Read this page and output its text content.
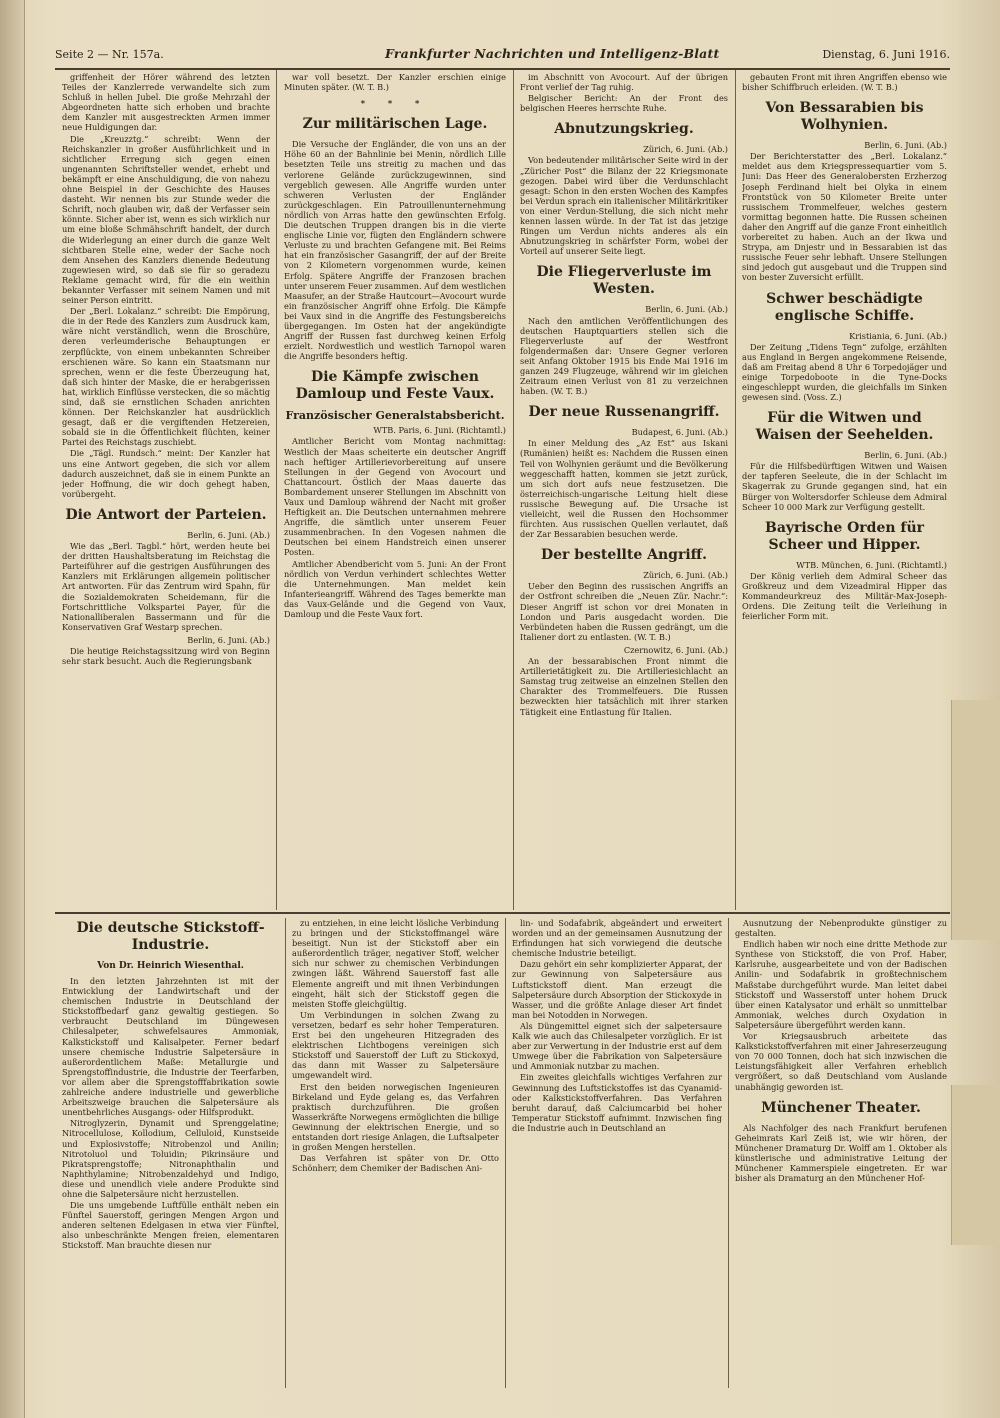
Seite 2 — Nr. 157a.	Frankfurter Nachrichten und Intelligenz-Blatt	Dienstag, 6. Juni 1916.

griffenheit der Hörer während des letzten Teiles der Kanzlerrede verwandelte sich zum Schluß in hellen Jubel. Die große Mehrzahl der Abgeordneten hatte sich erhoben und brachte dem Kanzler mit ausgestreckten Armen immer neue Huldigungen dar.

Die „Kreuzztg.“ schreibt: Wenn der Reichskanzler in großer Ausführlichkeit und in sichtlicher Erregung sich gegen einen ungenannten Schriftsteller wendet, erhebt und bekämpft er eine Anschuldigung, die von nahezu ohne Beispiel in der Geschichte des Hauses dasteht. Wir nennen bis zur Stunde weder die Schrift, noch glauben wir, daß der Verfasser sein könnte. Sicher aber ist, wenn es sich wirklich nur um eine bloße Schmähschrift handelt, der durch die Widerlegung an einer durch die ganze Welt sichtbaren Stelle eine, weder der Sache noch dem Ansehen des Kanzlers dienende Bedeutung zugewiesen wird, so daß sie für so geradezu Reklame gemacht wird, für die ein weithin bekannter Verfasser mit seinem Namen und mit seiner Person eintritt.

Der „Berl. Lokalanz.“ schreibt: Die Empörung, die in der Rede des Kanzlers zum Ausdruck kam, wäre nicht verständlich, wenn die Broschüre, deren verleumderische Behauptungen er zerpflückte, von einem unbekannten Schreiber erschienen wäre. So kann ein Staatsmann nur sprechen, wenn er die feste Überzeugung hat, daß sich hinter der Maske, die er herabgerissen hat, wirklich Einflüsse verstecken, die so mächtig sind, daß sie ernstlichen Schaden anrichten können. Der Reichskanzler hat ausdrücklich gesagt, daß er die vergiftenden Hetzereien, sobald sie in die Öffentlichkeit flüchten, keiner Partei des Reichstags zuschiebt.

Die „Tägl. Rundsch.“ meint: Der Kanzler hat uns eine Antwort gegeben, die sich vor allem dadurch auszeichnet, daß sie in einem Punkte an jeder Hoffnung, die wir doch gehegt haben, vorübergeht.

Die Antwort der Parteien.

Berlin, 6. Juni. (Ab.)

Wie das „Berl. Tagbl.“ hört, werden heute bei der dritten Haushaltsberatung im Reichstag die Parteiführer auf die gestrigen Ausführungen des Kanzlers mit Erklärungen allgemein politischer Art antworten. Für das Zentrum wird Spahn, für die Sozialdemokraten Scheidemann, für die Fortschrittliche Volkspartei Payer, für die Nationalliberalen Bassermann und für die Konservativen Graf Westarp sprechen.

Berlin, 6. Juni. (Ab.)

Die heutige Reichstagssitzung wird von Beginn sehr stark besucht. Auch die Regierungsbank

war voll besetzt. Der Kanzler erschien einige Minuten später. (W. T. B.)

* * *
Zur militärischen Lage.

Die Versuche der Engländer, die von uns an der Höhe 60 an der Bahnlinie bei Menin, nördlich Lille besetzten Teile uns streitig zu machen und das verlorene Gelände zurückzugewinnen, sind vergeblich gewesen. Alle Angriffe wurden unter schweren Verlusten der Engländer zurückgeschlagen. Ein Patrouillenunternehmung nördlich von Arras hatte den gewünschten Erfolg. Die deutschen Truppen drangen bis in die vierte englische Linie vor, fügten den Engländern schwere Verluste zu und brachten Gefangene mit. Bei Reims hat ein französischer Gasangriff, der auf der Breite von 2 Kilometern vorgenommen wurde, keinen Erfolg. Spätere Angriffe der Franzosen brachen unter unserem Feuer zusammen. Auf dem westlichen Maasufer, an der Straße Hautcourt—Avocourt wurde ein französischer Angriff ohne Erfolg. Die Kämpfe bei Vaux sind in die Angriffe des Festungsbereichs übergegangen. Im Osten hat der angekündigte Angriff der Russen fast durchweg keinen Erfolg erzielt. Nordwestlich und westlich Tarnopol waren die Angriffe besonders heftig.

Die Kämpfe zwischen Damloup und Feste Vaux.
Französischer Generalstabsbericht.

WTB. Paris, 6. Juni. (Richtamtl.)

Amtlicher Bericht vom Montag nachmittag: Westlich der Maas scheiterte ein deutscher Angriff nach heftiger Artillerievorbereitung auf unsere Stellungen in der Gegend von Avocourt und Chattancourt. Östlich der Maas dauerte das Bombardement unserer Stellungen im Abschnitt von Vaux und Damloup während der Nacht mit großer Heftigkeit an. Die Deutschen unternahmen mehrere Angriffe, die sämtlich unter unserem Feuer zusammenbrachen. In den Vogesen nahmen die Deutschen bei einem Handstreich einen unserer Posten.

Amtlicher Abendbericht vom 5. Juni: An der Front nördlich von Verdun verhindert schlechtes Wetter die Unternehmungen. Man meldet kein Infanterieangriff. Während des Tages bemerkte man das Vaux-Gelände und die Gegend von Vaux, Damloup und die Feste Vaux fort.

im Abschnitt von Avocourt. Auf der übrigen Front verlief der Tag ruhig.

Belgischer Bericht: An der Front des belgischen Heeres herrschte Ruhe.

Abnutzungskrieg.

Zürich, 6. Juni. (Ab.)

Von bedeutender militärischer Seite wird in der „Züricher Post“ die Bilanz der 22 Kriegsmonate gezogen. Dabei wird über die Verdunschlacht gesagt: Schon in den ersten Wochen des Kampfes bei Verdun sprach ein italienischer Militärkritiker von einer Verdun-Stellung, die sich nicht mehr kennen lassen würde. In der Tat ist das jetzige Ringen um Verdun nichts anderes als ein Abnutzungskrieg in schärfster Form, wobei der Vorteil auf unserer Seite liegt.

Die Fliegerverluste im Westen.

Berlin, 6. Juni. (Ab.)

Nach den amtlichen Veröffentlichungen des deutschen Hauptquartiers stellen sich die Fliegerverluste auf der Westfront folgendermaßen dar: Unsere Gegner verloren seit Anfang Oktober 1915 bis Ende Mai 1916 im ganzen 249 Flugzeuge, während wir im gleichen Zeitraum einen Verlust von 81 zu verzeichnen haben. (W. T. B.)

Der neue Russenangriff.

Budapest, 6. Juni. (Ab.)

In einer Meldung des „Az Est“ aus Iskani (Rumänien) heißt es: Nachdem die Russen einen Teil von Wolhynien geräumt und die Bevölkerung weggeschafft hatten, kommen sie jetzt zurück, um sich dort aufs neue festzusetzen. Die österreichisch-ungarische Leitung hielt diese russische Bewegung auf. Die Ursache ist vielleicht, weil die Russen den Hochsommer fürchten. Aus russischen Quellen verlautet, daß der Zar Bessarabien besuchen werde.

Der bestellte Angriff.

Zürich, 6. Juni. (Ab.)

Ueber den Beginn des russischen Angriffs an der Ostfront schreiben die „Neuen Zür. Nachr.“: Dieser Angriff ist schon vor drei Monaten in London und Paris ausgedacht worden. Die Verbündeten haben die Russen gedrängt, um die Italiener dort zu entlasten. (W. T. B.)

Czernowitz, 6. Juni. (Ab.)

An der bessarabischen Front nimmt die Artillerietätigkeit zu. Die Artilleriesichlacht an Samstag trug zeitweise an einzelnen Stellen den Charakter des Trommelfeuers. Die Russen bezweckten hier tatsächlich mit ihrer starken Tätigkeit eine Entlastung für Italien.

gebauten Front mit ihren Angriffen ebenso wie bisher Schiffbruch erleiden. (W. T. B.)

Von Bessarabien bis Wolhynien.

Berlin, 6. Juni. (Ab.)

Der Berichterstatter des „Berl. Lokalanz.“ meldet aus dem Kriegspressequartier vom 5. Juni: Das Heer des Generalobersten Erzherzog Joseph Ferdinand hielt bei Olyka in einem Frontstück von 50 Kilometer Breite unter russischem Trommelfeuer, welches gestern vormittag begonnen hatte. Die Russen scheinen daher den Angriff auf die ganze Front einheitlich vorbereitet zu haben. Auch an der Ikwa und Strypa, am Dnjestr und in Bessarabien ist das russische Feuer sehr lebhaft. Unsere Stellungen sind jedoch gut ausgebaut und die Truppen sind von bester Zuversicht erfüllt.

Schwer beschädigte englische Schiffe.

Kristiania, 6. Juni. (Ab.)

Der Zeitung „Tidens Tegn“ zufolge, erzählten aus England in Bergen angekommene Reisende, daß am Freitag abend 8 Uhr 6 Torpedojäger und einige Torpedoboote in die Tyne-Docks eingeschleppt wurden, die gleichfalls im Sinken gewesen sind. (Voss. Z.)

Für die Witwen und Waisen der Seehelden.

Berlin, 6. Juni. (Ab.)

Für die Hilfsbedürftigen Witwen und Waisen der tapferen Seeleute, die in der Schlacht im Skagerrak zu Grunde gegangen sind, hat ein Bürger von Woltersdorfer Schleuse dem Admiral Scheer 10 000 Mark zur Verfügung gestellt.

Bayrische Orden für Scheer und Hipper.

WTB. München, 6. Juni. (Richtamtl.)

Der König verlieh dem Admiral Scheer das Großkreuz und dem Vizeadmiral Hipper das Kommandeurkreuz des Militär-Max-Joseph-Ordens. Die Zeitung teilt die Verleihung in feierlicher Form mit.

Die deutsche Stickstoff-Industrie.
Von Dr. Heinrich Wiesenthal.

In den letzten Jahrzehnten ist mit der Entwicklung der Landwirtschaft und der chemischen Industrie in Deutschland der Stickstoffbedarf ganz gewaltig gestiegen. So verbraucht Deutschland im Düngewesen Chilesalpeter, schwefelsaures Ammoniak, Kalkstickstoff und Kalisalpeter. Ferner bedarf unsere chemische Industrie Salpetersäure in außerordentlichem Maße: Metallurgie und Sprengstoffindustrie, die Industrie der Teerfarben, vor allem aber die Sprengstofffabrikation sowie zahlreiche andere industrielle und gewerbliche Arbeitszweige brauchen die Salpetersäure als unentbehrliches Ausgangs- oder Hilfsprodukt.

Nitroglyzerin, Dynamit und Sprenggelatine; Nitrocellulose, Kollodium, Celluloid, Kunstseide und Explosivstoffe; Nitrobenzol und Anilin; Nitrotoluol und Toluidin; Pikrinsäure und Pikratsprengstoffe; Nitronaphthalin und Naphthylamine; Nitrobenzaldehyd und Indigo, diese und unendlich viele andere Produkte sind ohne die Salpetersäure nicht herzustellen.

Die uns umgebende Luftfülle enthält neben ein Fünftel Sauerstoff, geringen Mengen Argon und anderen seltenen Edelgasen in etwa vier Fünftel, also unbeschränkte Mengen freien, elementaren Stickstoff. Man brauchte diesen nur

zu entziehen, in eine leicht lösliche Verbindung zu bringen und der Stickstoffmangel wäre beseitigt. Nun ist der Stickstoff aber ein außerordentlich träger, negativer Stoff, welcher sich nur schwer zu chemischen Verbindungen zwingen läßt. Während Sauerstoff fast alle Elemente angreift und mit ihnen Verbindungen eingeht, hält sich der Stickstoff gegen die meisten Stoffe gleichgültig.

Um Verbindungen in solchen Zwang zu versetzen, bedarf es sehr hoher Temperaturen. Erst bei den ungeheuren Hitzegraden des elektrischen Lichtbogens vereinigen sich Stickstoff und Sauerstoff der Luft zu Stickoxyd, das dann mit Wasser zu Salpetersäure umgewandelt wird.

Erst den beiden norwegischen Ingenieuren Birkeland und Eyde gelang es, das Verfahren praktisch durchzuführen. Die großen Wasserkräfte Norwegens ermöglichten die billige Gewinnung der elektrischen Energie, und so entstanden dort riesige Anlagen, die Luftsalpeter in großen Mengen herstellen.

Das Verfahren ist später von Dr. Otto Schönherr, dem Chemiker der Badischen Ani-

lin- und Sodafabrik, abgeändert und erweitert worden und an der gemeinsamen Ausnutzung der Erfindungen hat sich vorwiegend die deutsche chemische Industrie beteiligt.

Dazu gehört ein sehr komplizierter Apparat, der zur Gewinnung von Salpetersäure aus Luftstickstoff dient. Man erzeugt die Salpetersäure durch Absorption der Stickoxyde in Wasser, und die größte Anlage dieser Art findet man bei Notodden in Norwegen.

Als Düngemittel eignet sich der salpetersaure Kalk wie auch das Chilesalpeter vorzüglich. Er ist aber zur Verwertung in der Industrie erst auf dem Umwege über die Fabrikation von Salpetersäure und Ammoniak nutzbar zu machen.

Ein zweites gleichfalls wichtiges Verfahren zur Gewinnung des Luftstickstoffes ist das Cyanamid- oder Kalkstickstoffverfahren. Das Verfahren beruht darauf, daß Calciumcarbid bei hoher Temperatur Stickstoff aufnimmt. Inzwischen fing die Industrie auch in Deutschland an

Ausnutzung der Nebenprodukte günstiger zu gestalten.

Endlich haben wir noch eine dritte Methode zur Synthese von Stickstoff, die von Prof. Haber, Karlsruhe, ausgearbeitete und von der Badischen Anilin- und Sodafabrik in großtechnischem Maßstabe durchgeführt wurde. Man leitet dabei Stickstoff und Wasserstoff unter hohem Druck über einen Katalysator und erhält so unmittelbar Ammoniak, welches durch Oxydation in Salpetersäure übergeführt werden kann.

Vor Kriegsausbruch arbeitete das Kalkstickstoffverfahren mit einer Jahreserzeugung von 70 000 Tonnen, doch hat sich inzwischen die Leistungsfähigkeit aller Verfahren erheblich vergrößert, so daß Deutschland vom Auslande unabhängig geworden ist.

Münchener Theater.

Als Nachfolger des nach Frankfurt berufenen Geheimrats Karl Zeiß ist, wie wir hören, der Münchener Dramaturg Dr. Wolff am 1. Oktober als künstlerische und administrative Leitung der Münchener Kammerspiele eingetreten. Er war bisher als Dramaturg an den Münchener Hof-
